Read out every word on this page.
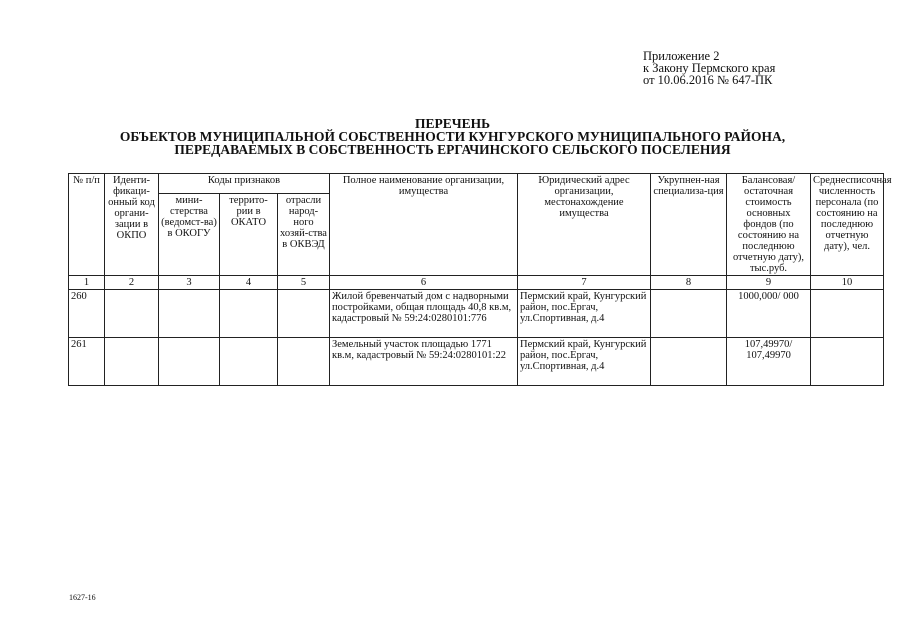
Приложение 2
к Закону Пермского края
от 10.06.2016 № 647-ПК
ПЕРЕЧЕНЬ
ОБЪЕКТОВ МУНИЦИПАЛЬНОЙ СОБСТВЕННОСТИ КУНГУРСКОГО МУНИЦИПАЛЬНОГО РАЙОНА,
ПЕРЕДАВАЕМЫХ В СОБСТВЕННОСТЬ ЕРГАЧИНСКОГО СЕЛЬСКОГО ПОСЕЛЕНИЯ
№ п/п	Иденти-фикаци-онный код органи-зации в ОКПО	Коды признаков			Полное наименование организации, имущества	Юридический адрес организации, местонахождение имущества	Укрупнен-ная специализа-ция	Балансовая/ остаточная стоимость основных фондов (по состоянию на последнюю отчетную дату), тыс.руб.	Среднесписочная численность персонала (по состоянию на последнюю отчетную дату), чел.
		мини-стерства (ведомст-ва) в ОКОГУ	террито-рии в ОКАТО	отрасли народ-ного хозяй-ства в ОКВЭД					
1	2	3	4	5	6	7	8	9	10
260					Жилой бревенчатый дом с надворными постройками, общая площадь 40,8 кв.м, кадастровый № 59:24:0280101:776	Пермский край, Кунгурский район, пос.Ергач, ул.Спортивная, д.4		1000,000/ 000	
261					Земельный участок площадью 1771 кв.м, кадастровый № 59:24:0280101:22	Пермский край, Кунгурский район, пос.Ергач, ул.Спортивная, д.4		107,49970/ 107,49970	
1627-16
